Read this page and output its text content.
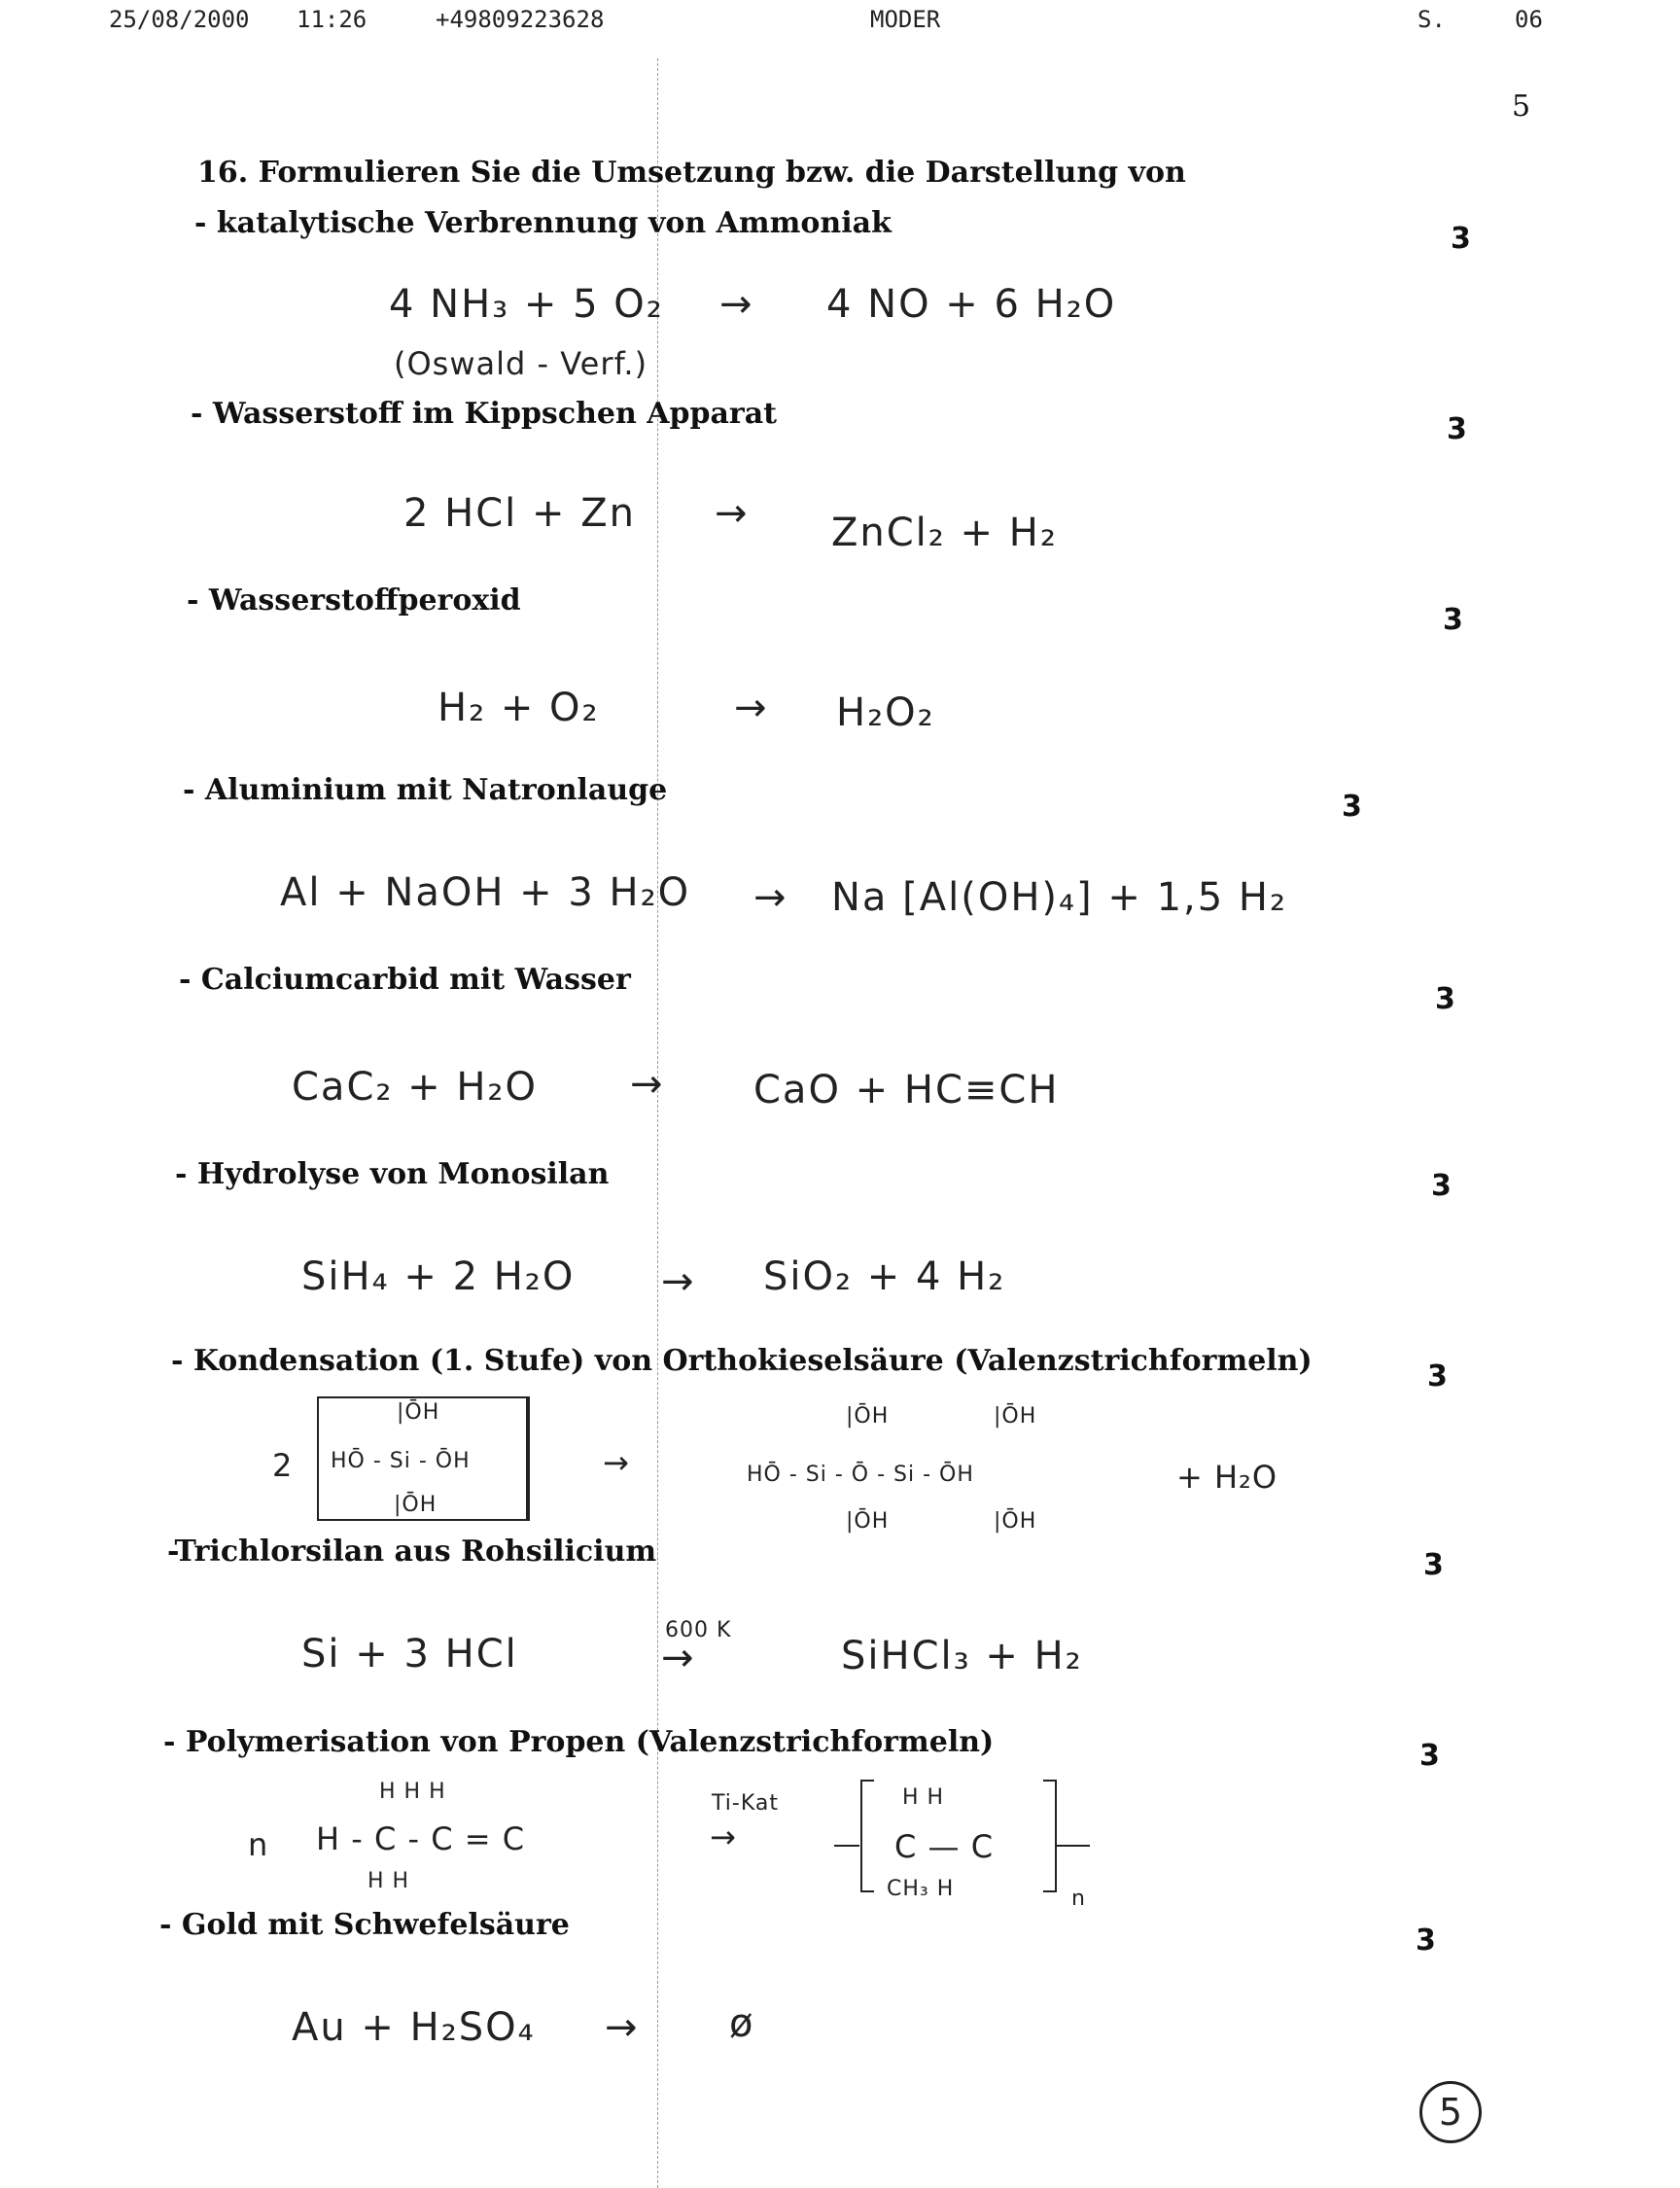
25/08/2000 11:26	+49809223628	MODER	S.	06
5
16. Formulieren Sie die Umsetzung bzw. die Darstellung von
- katalytische Verbrennung von Ammoniak	3
4 NH₃ + 5 O₂ → 4 NO + 6 H₂O
(Oswald - Verf.)
- Wasserstoff im Kippschen Apparat	3
2 HCl + Zn → ZnCl₂ + H₂
- Wasserstoffperoxid
3
H₂ + O₂	→ H₂O₂
- Aluminium mit Natronlauge	3
Al + NaOH + 3 H₂O → Na [Al(OH)₄] + 1,5 H₂
- Calciumcarbid mit Wasser
3
CaC₂ + H₂O → CaO + HC≡CH
- Hydrolyse von Monosilan	3
SiH₄ + 2 H₂O → SiO₂ + 4 H₂
- Kondensation (1. Stufe) von Orthokieselsäure (Valenzstrichformeln)	3
2
|ŌH
HŌ - Si - ŌH
|ŌH
→
|ŌH	|ŌH
HŌ - Si - Ō - Si - ŌH
|ŌH	|ŌH
+ H₂O
-Trichlorsilan aus Rohsilicium	3
Si + 3 HCl
600 K
→	SiHCl₃ + H₂
- Polymerisation von Propen (Valenzstrichformeln)	3
n
H H H
H - C - C = C
H H
Ti-Kat
→
H H
C — C
CH₃ H	n
- Gold mit Schwefelsäure	3
Au + H₂SO₄ → ø
5
